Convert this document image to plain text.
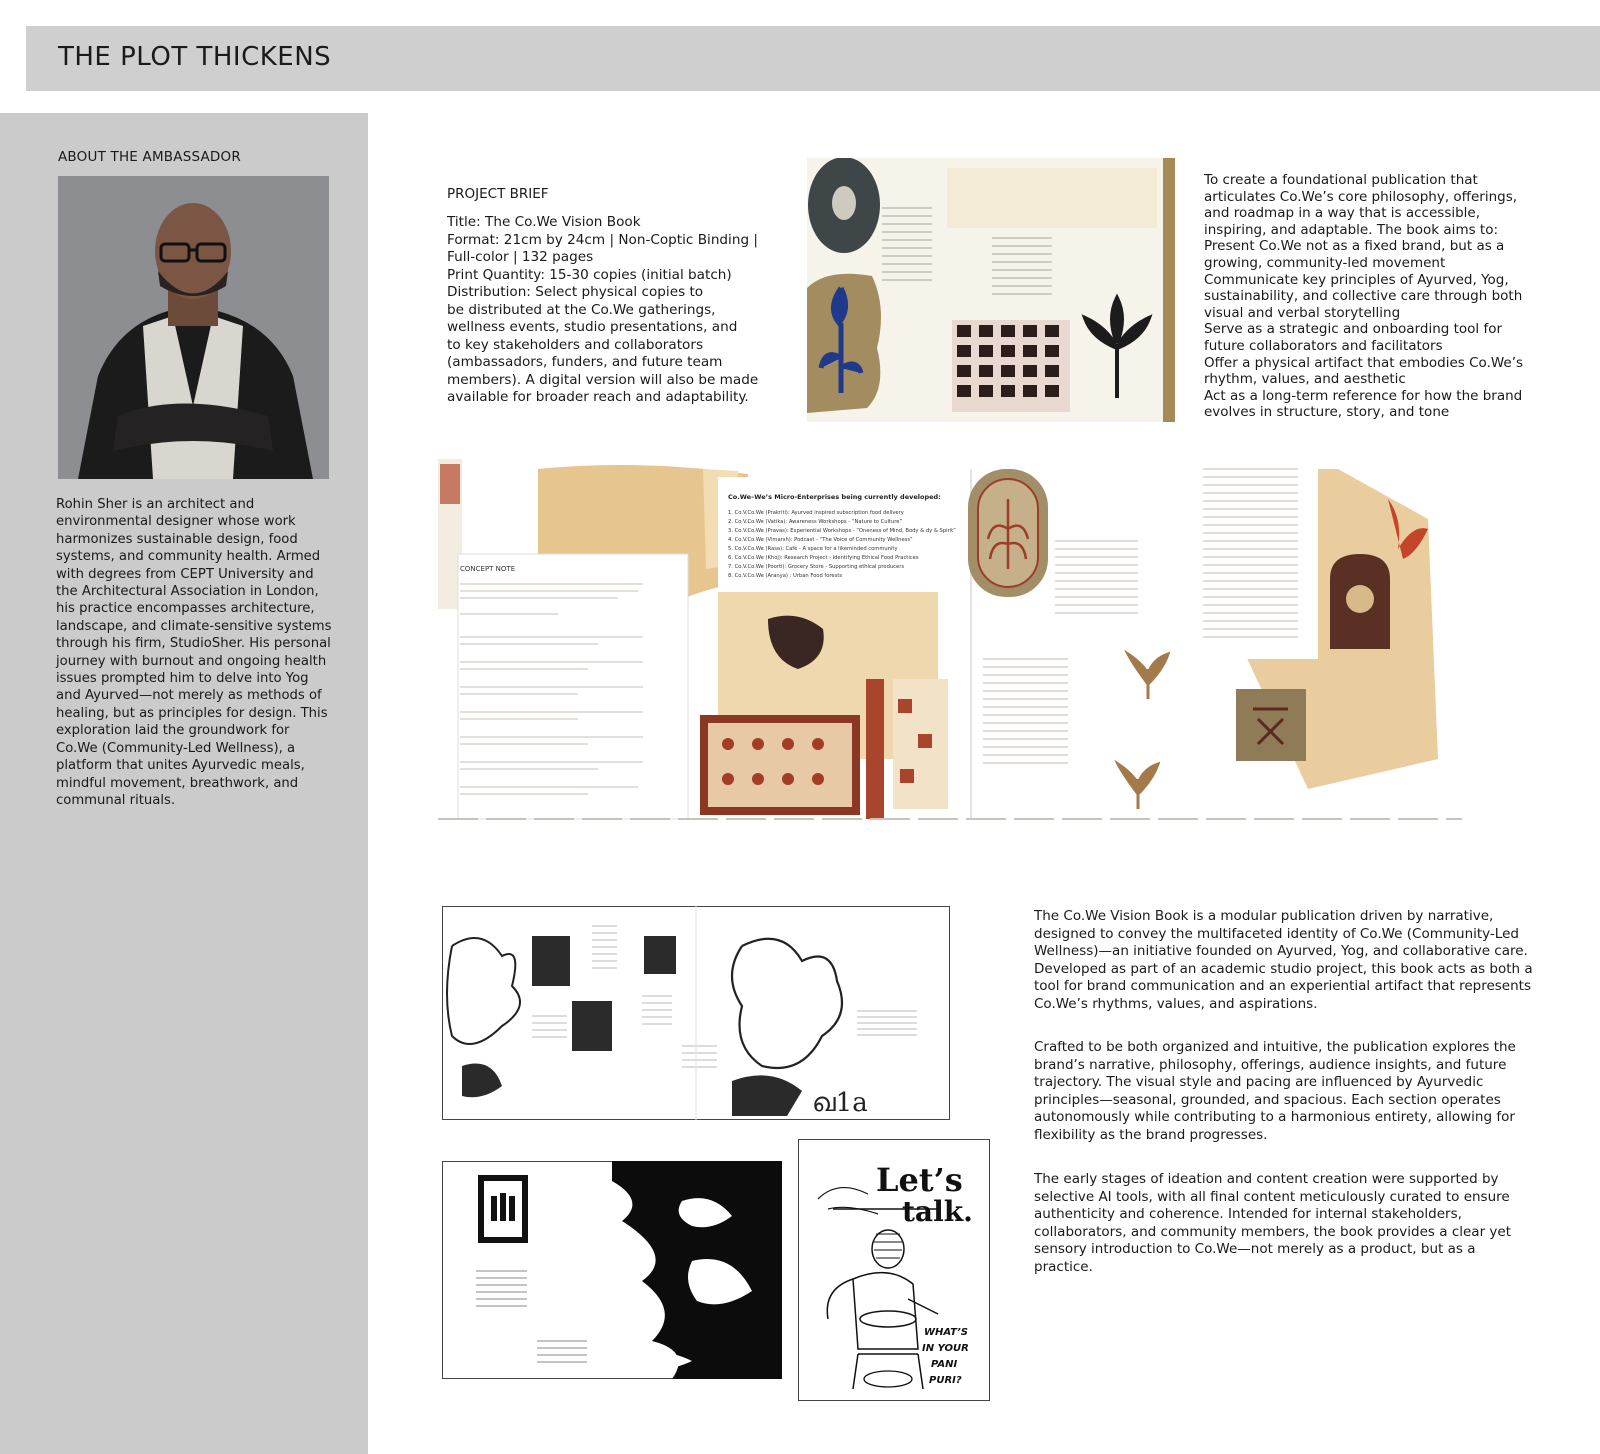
THE PLOT THICKENS
ABOUT THE AMBASSADOR
Rohin Sher is an architect and environmental designer whose work harmonizes sustainable design, food systems, and community health. Armed with degrees from CEPT University and the Architectural Association in London, his practice encompasses architecture, landscape, and climate-sensitive systems through his firm, StudioSher. His personal journey with burnout and ongoing health issues prompted him to delve into Yog and Ayurved—not merely as methods of healing, but as principles for design. This exploration laid the groundwork for Co.We (Community-Led Wellness), a platform that unites Ayurvedic meals, mindful movement, breathwork, and communal rituals.
PROJECT BRIEF
Title: The Co.We Vision Book
Format: 21cm by 24cm | Non-Coptic Binding |
Full-color | 132 pages
Print Quantity: 15-30 copies (initial batch)
Distribution: Select physical copies to
be distributed at the Co.We gatherings,
wellness events, studio presentations, and
to key stakeholders and collaborators
(ambassadors, funders, and future team
members). A digital version will also be made
available for broader reach and adaptability.

To create a foundational publication that articulates Co.We’s core philosophy, offerings, and roadmap in a way that is accessible, inspiring, and adaptable. The book aims to:

Present Co.We not as a fixed brand, but as a growing, community-led movement

Communicate key principles of Ayurved, Yog, sustainability, and collective care through both visual and verbal storytelling

Serve as a strategic and onboarding tool for future collaborators and facilitators

Offer a physical artifact that embodies Co.We’s rhythm, values, and aesthetic

Act as a long-term reference for how the brand evolves in structure, story, and tone

CONCEPT NOTE
Co.We–We’s Micro-Enterprises being currently developed:
1. Co.V.Co.We (Prakriti): Ayurved inspired subscription food delivery
2. Co.V.Co.We (Vatika): Awareness Workshops - “Nature to Culture”
3. Co.V.Co.We (Pravas): Experiential Workshops - “Oneness of Mind, Body & dy & Spirit”
4. Co.V.Co.We (Vimarsh): Podcast - “The Voice of Community Wellness”
5. Co.V.Co.We (Rasa): Café - A space for a likeminded community
6. Co.V.Co.We (Khoj): Research Project - Identifying Ethical Food Practices
7. Co.V.Co.We (Poorti): Grocery Store - Supporting ethical producers
8. Co.V.Co.We (Aranya) : Urban Food forests
ഖ1a
Let’s
talk.
WHAT’S
IN YOUR
PANI
PURI?

The Co.We Vision Book is a modular publication driven by narrative, designed to convey the multifaceted identity of Co.We (Community-Led Wellness)—an initiative founded on Ayurved, Yog, and collaborative care. Developed as part of an academic studio project, this book acts as both a tool for brand communication and an experiential artifact that represents Co.We’s rhythms, values, and aspirations.

Crafted to be both organized and intuitive, the publication explores the brand’s narrative, philosophy, offerings, audience insights, and future trajectory. The visual style and pacing are influenced by Ayurvedic principles—seasonal, grounded, and spacious. Each section operates autonomously while contributing to a harmonious entirety, allowing for flexibility as the brand progresses.

The early stages of ideation and content creation were supported by selective AI tools, with all final content meticulously curated to ensure authenticity and coherence. Intended for internal stakeholders, collaborators, and community members, the book provides a clear yet sensory introduction to Co.We—not merely as a product, but as a practice.
